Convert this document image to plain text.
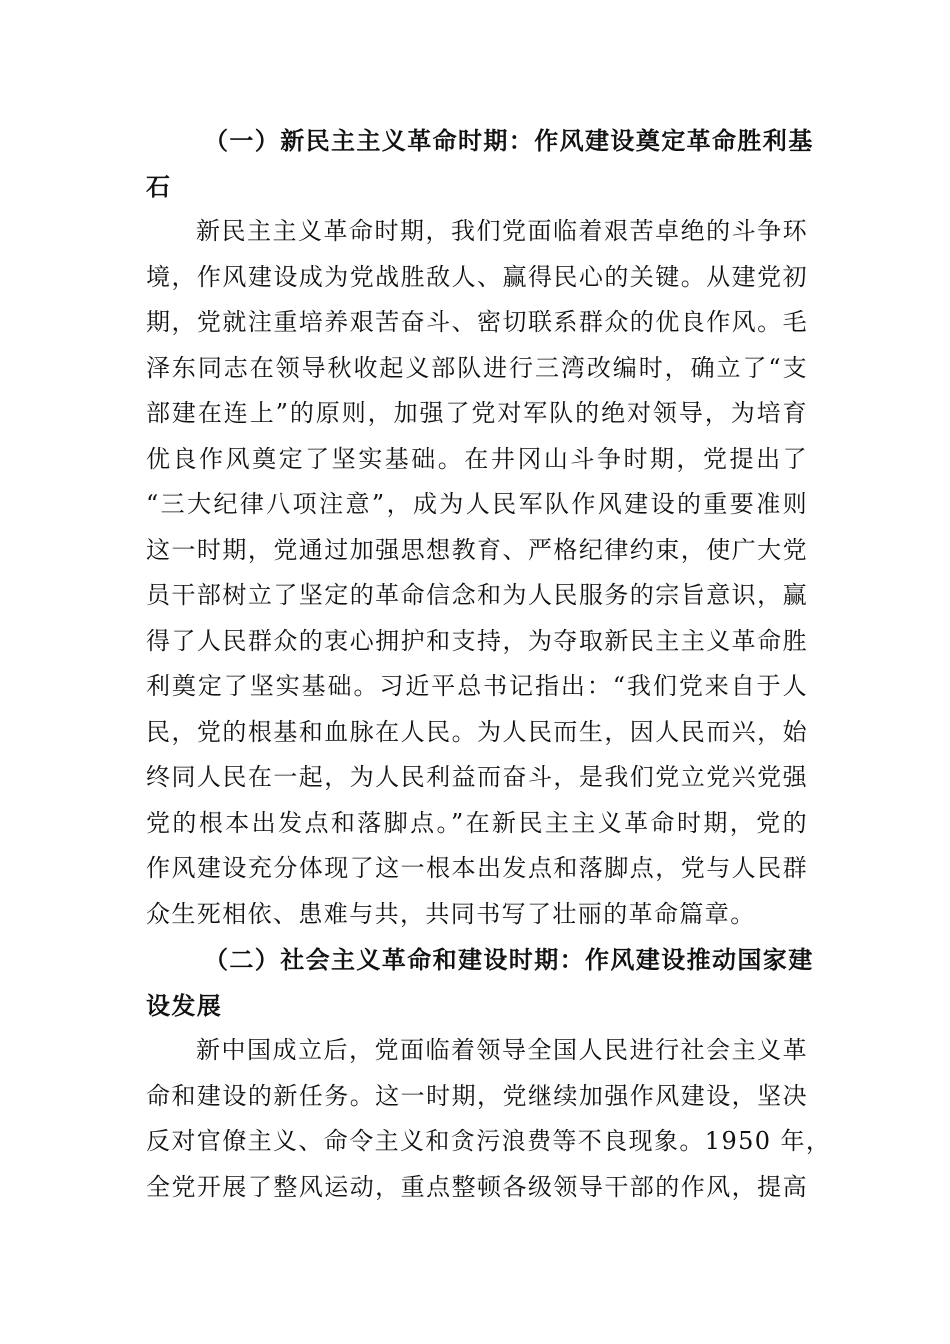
（一）新民主主义革命时期：作风建设奠定革命胜利基
石
新民主主义革命时期，我们党面临着艰苦卓绝的斗争环
境，作风建设成为党战胜敌人、赢得民心的关键。从建党初
期，党就注重培养艰苦奋斗、密切联系群众的优良作风。毛
泽东同志在领导秋收起义部队进行三湾改编时，确立了“支
部建在连上”的原则，加强了党对军队的绝对领导，为培育
优良作风奠定了坚实基础。在井冈山斗争时期，党提出了
“三大纪律八项注意”，成为人民军队作风建设的重要准则
这一时期，党通过加强思想教育、严格纪律约束，使广大党
员干部树立了坚定的革命信念和为人民服务的宗旨意识，赢
得了人民群众的衷心拥护和支持，为夺取新民主主义革命胜
利奠定了坚实基础。习近平总书记指出：“我们党来自于人
民，党的根基和血脉在人民。为人民而生，因人民而兴，始
终同人民在一起，为人民利益而奋斗，是我们党立党兴党强
党的根本出发点和落脚点。”在新民主主义革命时期，党的
作风建设充分体现了这一根本出发点和落脚点，党与人民群
众生死相依、患难与共，共同书写了壮丽的革命篇章。
（二）社会主义革命和建设时期：作风建设推动国家建
设发展
新中国成立后，党面临着领导全国人民进行社会主义革
命和建设的新任务。这一时期，党继续加强作风建设，坚决
反对官僚主义、命令主义和贪污浪费等不良现象。1950 年，
全党开展了整风运动，重点整顿各级领导干部的作风，提高
